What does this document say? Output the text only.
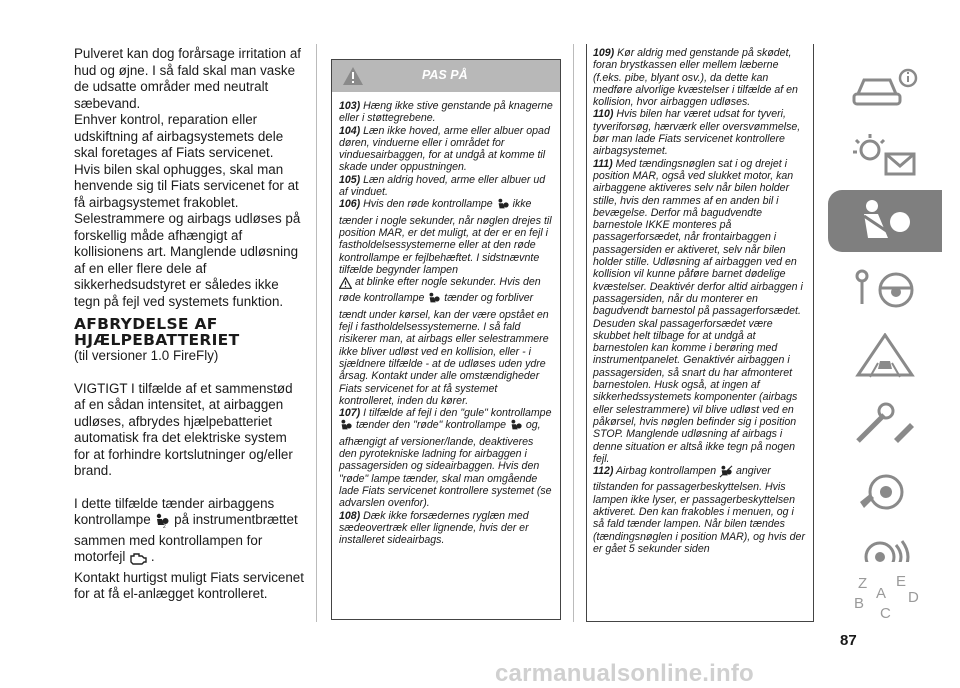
Pulveret kan dog forårsage irritation af hud og øjne. I så fald skal man vaske de udsatte områder med neutralt sæbevand.

Enhver kontrol, reparation eller udskiftning af airbagsystemets dele skal foretages af Fiats servicenet.

Hvis bilen skal ophugges, skal man henvende sig til Fiats servicenet for at få airbagsystemet frakoblet.

Selestrammere og airbags udløses på forskellig måde afhængigt af kollisionens art. Manglende udløsning af en eller flere dele af sikkerhedsudstyret er således ikke tegn på fejl ved systemets funktion.

AFBRYDELSE AF
HJÆLPEBATTERIET

(til versioner 1.0 FireFly)

VIGTIGT I tilfælde af et sammenstød af en sådan intensitet, at airbaggen udløses, afbrydes hjælpebatteriet automatisk fra det elektriske system for at forhindre kortslutninger og/eller brand.

I dette tilfælde tænder airbaggens kontrollampe	2 på instrumentbrættet sammen med kontrollampen for motorfejl .

Kontakt hurtigst muligt Fiats servicenet for at få el-anlægget kontrolleret.

PAS PÅ

103) Hæng ikke stive genstande på knagerne eller i støttegrebene.

104) Læn ikke hoved, arme eller albuer opad døren, vinduerne eller i området for vinduesairbaggen, for at undgå at komme til skade under oppustningen.

105) Læn aldrig hoved, arme eller albuer ud af vinduet.

106) Hvis den røde kontrollampe ikke tænder i nogle sekunder, når nøglen drejes til position MAR, er det muligt, at der er en fejl i fastholdelsessystemerne eller at den røde kontrollampe er fejlbehæftet. I sidstnævnte tilfælde begynder lampen
at blinke efter nogle sekunder. Hvis den røde kontrollampe tænder og forbliver tændt under kørsel, kan der være opstået en fejl i fastholdelsessystemerne. I så fald risikerer man, at airbags eller selestrammere ikke bliver udløst ved en kollision, eller - i sjældnere tilfælde - at de udløses uden ydre årsag. Kontakt under alle omstændigheder Fiats servicenet for at få systemet kontrolleret, inden du kører.

107) I tilfælde af fejl i den "gule" kontrollampe  tænder den "røde" kontrollampe og, afhængigt af versioner/lande, deaktiveres den pyrotekniske ladning for airbaggen i passagersiden og sideairbaggen. Hvis den "røde" lampe tænder, skal man omgående lade Fiats servicenet kontrollere systemet (se advarslen ovenfor).

108) Dæk ikke forsædernes ryglæn med sædeovertræk eller lignende, hvis der er installeret sideairbags.

109) Kør aldrig med genstande på skødet, foran brystkassen eller mellem læberne (f.eks. pibe, blyant osv.), da dette kan medføre alvorlige kvæstelser i tilfælde af en kollision, hvor airbaggen udløses.

110) Hvis bilen har været udsat for tyveri, tyveriforsøg, hærværk eller oversvømmelse, bør man lade Fiats servicenet kontrollere airbagsystemet.

111) Med tændingsnøglen sat i og drejet i position MAR, også ved slukket motor, kan airbaggene aktiveres selv når bilen holder stille, hvis den rammes af en anden bil i bevægelse. Derfor må bagudvendte barnestole IKKE monteres på passagerforsædet, når frontairbaggen i passagersiden er aktiveret, selv når bilen holder stille. Udløsning af airbaggen ved en kollision vil kunne påføre barnet dødelige kvæstelser. Deaktivér derfor altid airbaggen i passagersiden, når du monterer en bagudvendt barnestol på passagerforsædet. Desuden skal passagerforsædet være skubbet helt tilbage for at undgå at barnestolen kan komme i berøring med instrumentpanelet. Genaktivér airbaggen i passagersiden, så snart du har afmonteret barnestolen. Husk også, at ingen af sikkerhedssystemets komponenter (airbags eller selestrammere) vil blive udløst ved en påkørsel, hvis nøglen befinder sig i position STOP. Manglende udløsning af airbags i denne situation er altså ikke tegn på nogen fejl.

112) Airbag kontrollampen angiver tilstanden for passagerbeskyttelsen. Hvis lampen ikke lyser, er passagerbeskyttelsen aktiveret. Den kan frakobles i menuen, og i så fald tænder lampen. Når bilen tændes (tændingsnøglen i position MAR), og hvis der er gået 5 sekunder siden

Z E
B	D
C
A
87
carmanualsonline.info
